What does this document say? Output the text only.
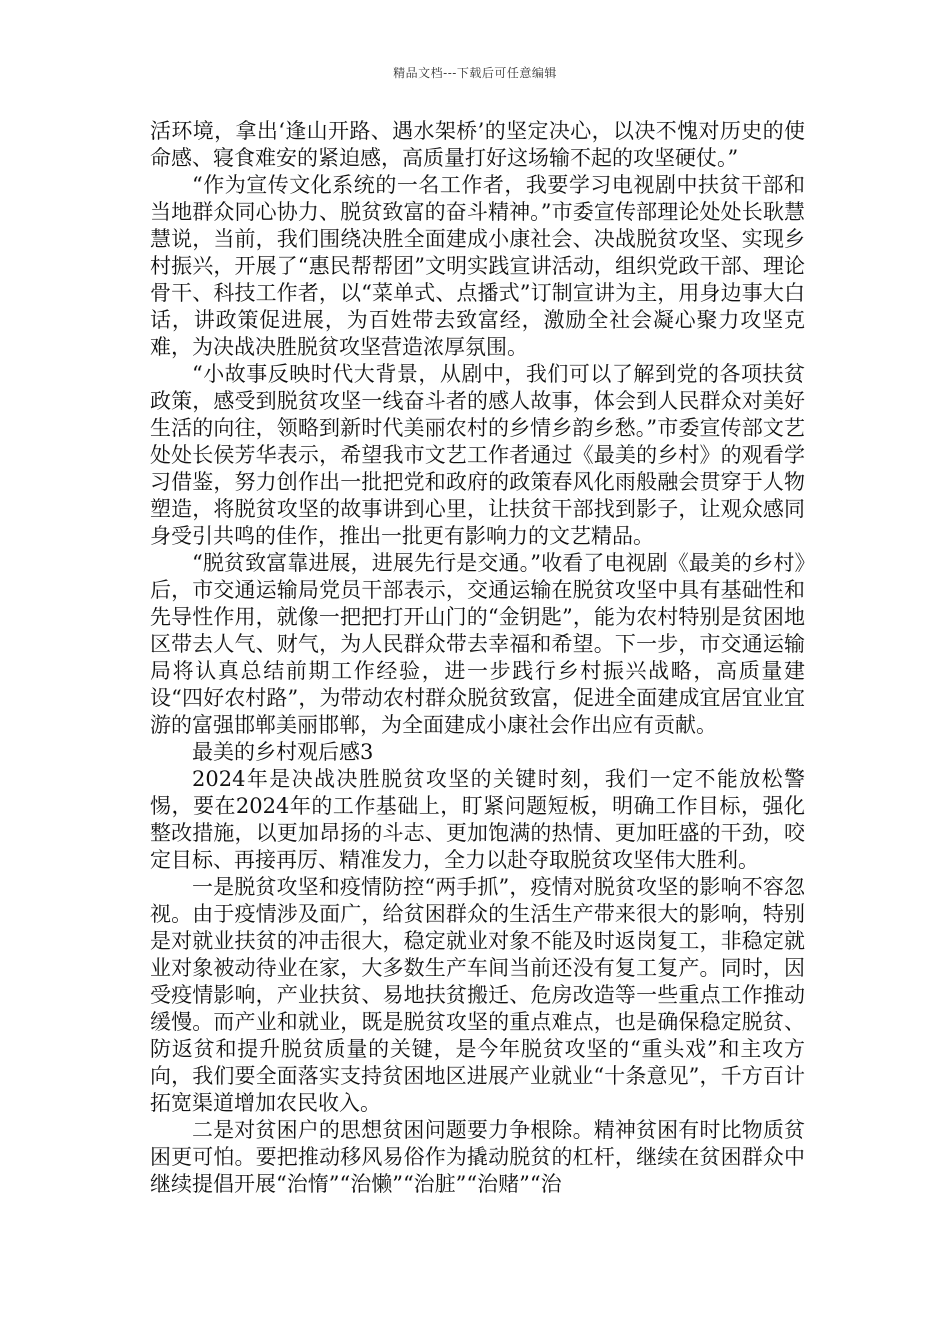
精品文档---下载后可任意编辑

活环境，拿出‘逢山开路、遇水架桥’的坚定决心，以决不愧对历史的使命感、寝食难安的紧迫感，高质量打好这场输不起的攻坚硬仗。”

“作为宣传文化系统的一名工作者，我要学习电视剧中扶贫干部和当地群众同心协力、脱贫致富的奋斗精神。”市委宣传部理论处处长耿慧慧说，当前，我们围绕决胜全面建成小康社会、决战脱贫攻坚、实现乡村振兴，开展了“惠民帮帮团”文明实践宣讲活动，组织党政干部、理论骨干、科技工作者，以“菜单式、点播式”订制宣讲为主，用身边事大白话，讲政策促进展，为百姓带去致富经，激励全社会凝心聚力攻坚克难，为决战决胜脱贫攻坚营造浓厚氛围。

“小故事反映时代大背景，从剧中，我们可以了解到党的各项扶贫政策，感受到脱贫攻坚一线奋斗者的感人故事，体会到人民群众对美好生活的向往，领略到新时代美丽农村的乡情乡韵乡愁。”市委宣传部文艺处处长侯芳华表示，希望我市文艺工作者通过《最美的乡村》的观看学习借鉴，努力创作出一批把党和政府的政策春风化雨般融会贯穿于人物塑造，将脱贫攻坚的故事讲到心里，让扶贫干部找到影子，让观众感同身受引共鸣的佳作，推出一批更有影响力的文艺精品。

“脱贫致富靠进展，进展先行是交通。”收看了电视剧《最美的乡村》后，市交通运输局党员干部表示，交通运输在脱贫攻坚中具有基础性和先导性作用，就像一把把打开山门的“金钥匙”，能为农村特别是贫困地区带去人气、财气，为人民群众带去幸福和希望。下一步，市交通运输局将认真总结前期工作经验，进一步践行乡村振兴战略，高质量建设“四好农村路”，为带动农村群众脱贫致富，促进全面建成宜居宜业宜游的富强邯郸美丽邯郸，为全面建成小康社会作出应有贡献。

最美的乡村观后感3

2024年是决战决胜脱贫攻坚的关键时刻，我们一定不能放松警惕，要在2024年的工作基础上，盯紧问题短板，明确工作目标，强化整改措施，以更加昂扬的斗志、更加饱满的热情、更加旺盛的干劲，咬定目标、再接再厉、精准发力，全力以赴夺取脱贫攻坚伟大胜利。

一是脱贫攻坚和疫情防控“两手抓”，疫情对脱贫攻坚的影响不容忽视。由于疫情涉及面广，给贫困群众的生活生产带来很大的影响，特别是对就业扶贫的冲击很大，稳定就业对象不能及时返岗复工，非稳定就业对象被动待业在家，大多数生产车间当前还没有复工复产。同时，因受疫情影响，产业扶贫、易地扶贫搬迁、危房改造等一些重点工作推动缓慢。而产业和就业，既是脱贫攻坚的重点难点，也是确保稳定脱贫、防返贫和提升脱贫质量的关键，是今年脱贫攻坚的“重头戏”和主攻方向，我们要全面落实支持贫困地区进展产业就业“十条意见”，千方百计拓宽渠道增加农民收入。

二是对贫困户的思想贫困问题要力争根除。精神贫困有时比物质贫困更可怕。要把推动移风易俗作为撬动脱贫的杠杆，继续在贫困群众中继续提倡开展“治惰”“治懒”“治脏”“治赌”“治
